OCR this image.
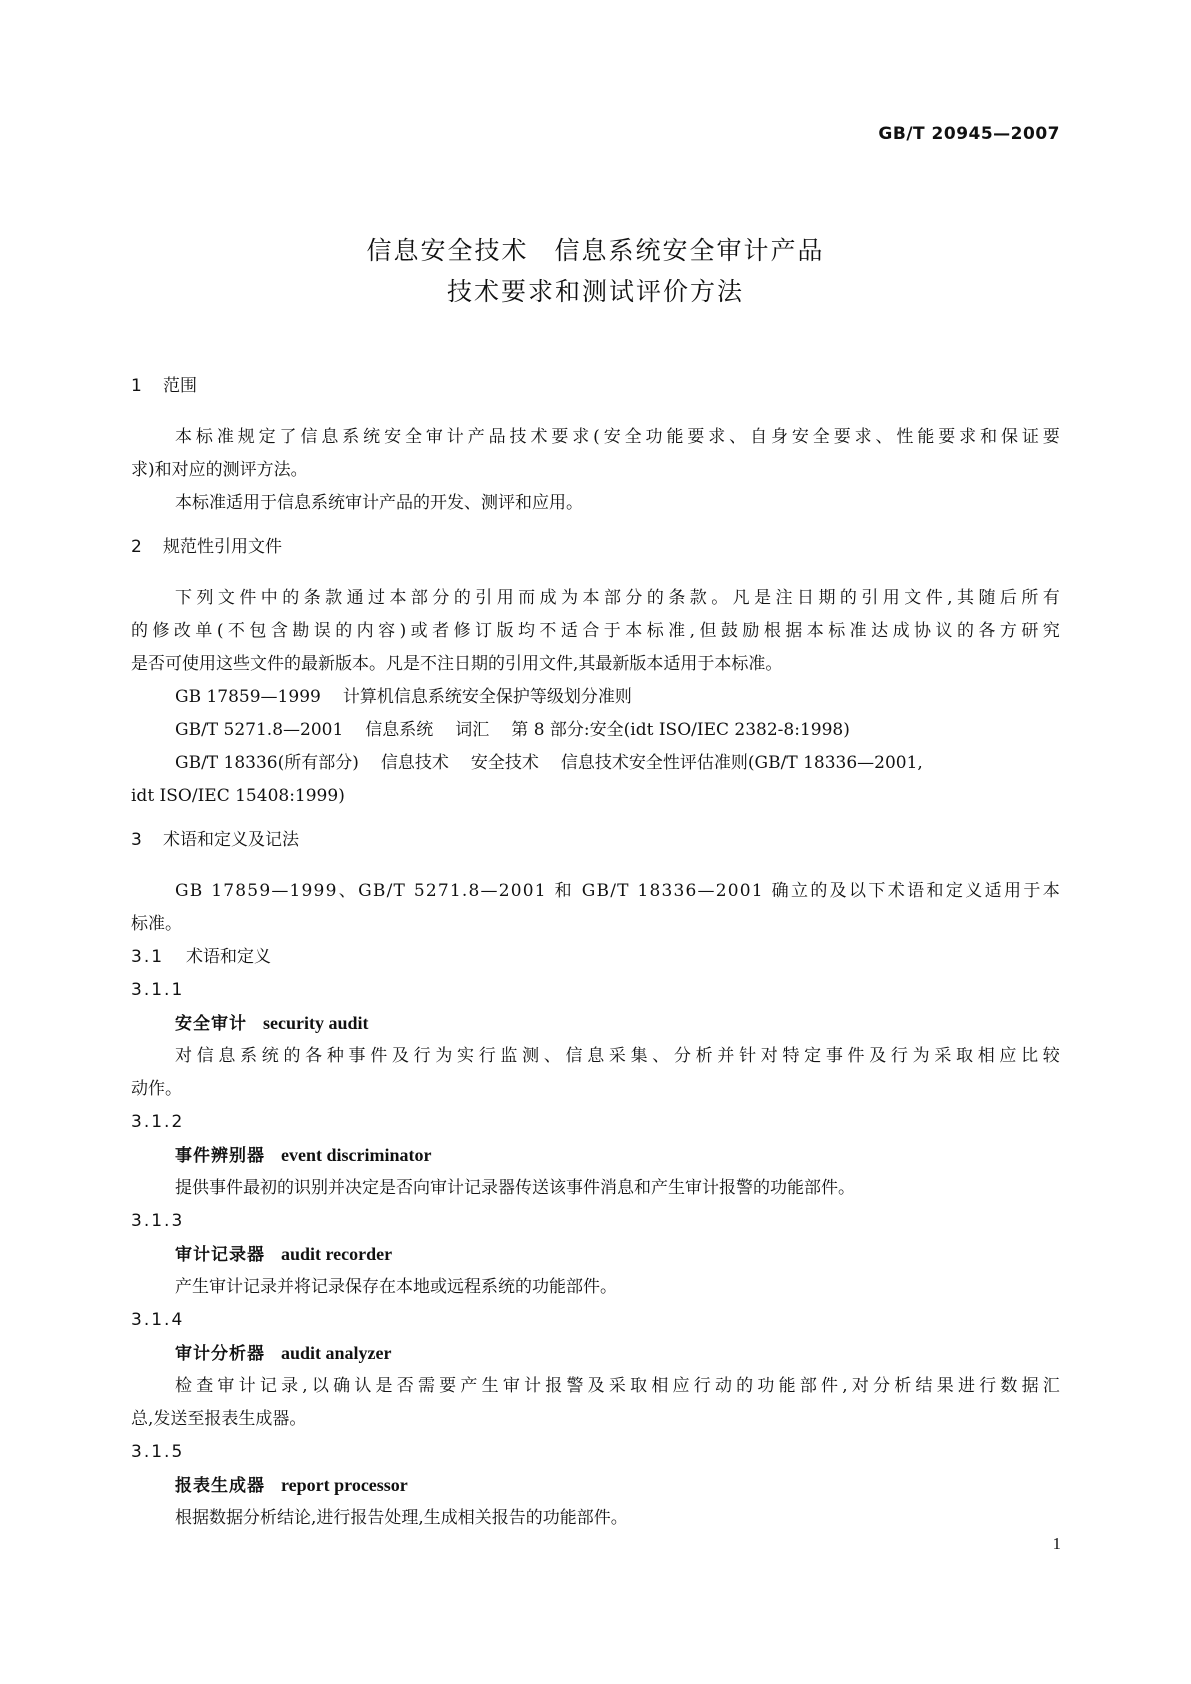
GB/T 20945—2007
信息安全技术 信息系统安全审计产品
技术要求和测试评价方法
1 范围
本标准规定了信息系统安全审计产品技术要求(安全功能要求、自身安全要求、性能要求和保证要
求)和对应的测评方法。
本标准适用于信息系统审计产品的开发、测评和应用。
2 规范性引用文件
下列文件中的条款通过本部分的引用而成为本部分的条款。凡是注日期的引用文件,其随后所有
的修改单(不包含勘误的内容)或者修订版均不适合于本标准,但鼓励根据本标准达成协议的各方研究
是否可使用这些文件的最新版本。凡是不注日期的引用文件,其最新版本适用于本标准。
GB 17859—1999 计算机信息系统安全保护等级划分准则
GB/T 5271.8—2001 信息系统 词汇 第 8 部分:安全(idt ISO/IEC 2382-8:1998)
GB/T 18336(所有部分) 信息技术 安全技术 信息技术安全性评估准则(GB/T 18336—2001,
idt ISO/IEC 15408:1999)
3 术语和定义及记法
GB 17859—1999、GB/T 5271.8—2001 和 GB/T 18336—2001 确立的及以下术语和定义适用于本
标准。
3.1 术语和定义
3.1.1
安全审计 security audit
对信息系统的各种事件及行为实行监测、信息采集、分析并针对特定事件及行为采取相应比较
动作。
3.1.2
事件辨别器 event discriminator
提供事件最初的识别并决定是否向审计记录器传送该事件消息和产生审计报警的功能部件。
3.1.3
审计记录器 audit recorder
产生审计记录并将记录保存在本地或远程系统的功能部件。
3.1.4
审计分析器 audit analyzer
检查审计记录,以确认是否需要产生审计报警及采取相应行动的功能部件,对分析结果进行数据汇
总,发送至报表生成器。
3.1.5
报表生成器 report processor
根据数据分析结论,进行报告处理,生成相关报告的功能部件。
1
